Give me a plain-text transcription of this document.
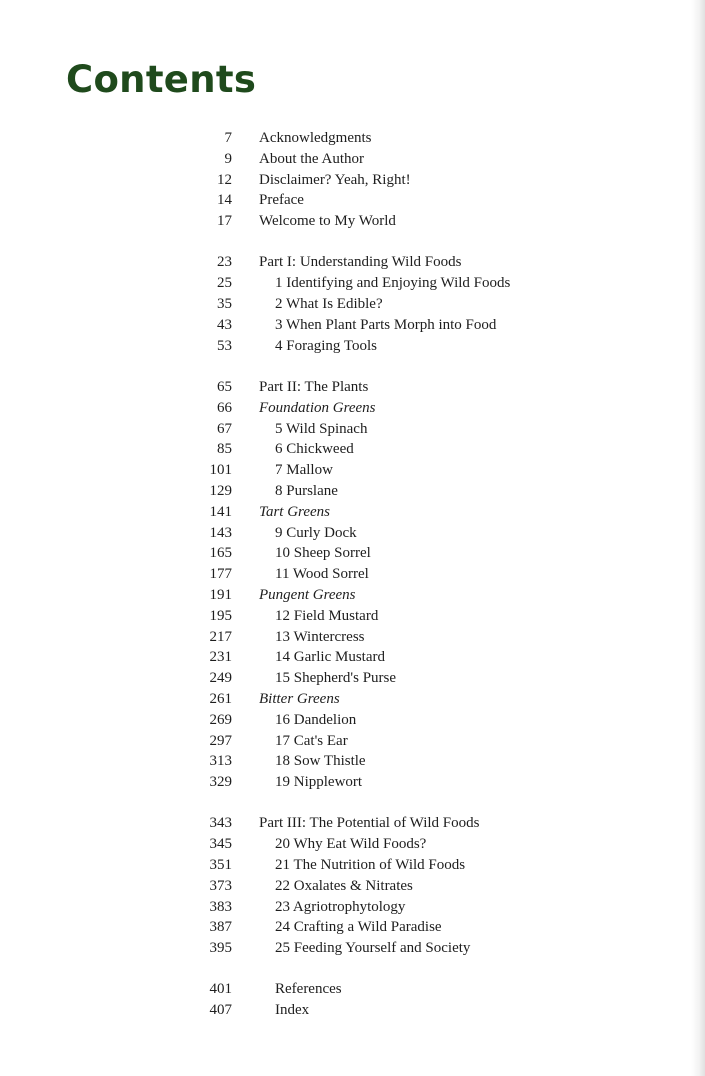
Contents
7 Acknowledgments
9 About the Author
12 Disclaimer? Yeah, Right!
14 Preface
17 Welcome to My World
23 Part I: Understanding Wild Foods
25	1 Identifying and Enjoying Wild Foods
35	2 What Is Edible?
43	3 When Plant Parts Morph into Food
53	4 Foraging Tools
65 Part II: The Plants
66 Foundation Greens
67	5 Wild Spinach
85	6 Chickweed
101	7 Mallow
129	8 Purslane
141 Tart Greens
143	9 Curly Dock
165	10 Sheep Sorrel
177	11 Wood Sorrel
191 Pungent Greens
195	12 Field Mustard
217	13 Wintercress
231	14 Garlic Mustard
249	15 Shepherd's Purse
261 Bitter Greens
269	16 Dandelion
297	17 Cat's Ear
313	18 Sow Thistle
329	19 Nipplewort
343 Part III: The Potential of Wild Foods
345	20 Why Eat Wild Foods?
351	21 The Nutrition of Wild Foods
373	22 Oxalates & Nitrates
383	23 Agriotrophytology
387	24 Crafting a Wild Paradise
395	25 Feeding Yourself and Society
401	References
407	Index
